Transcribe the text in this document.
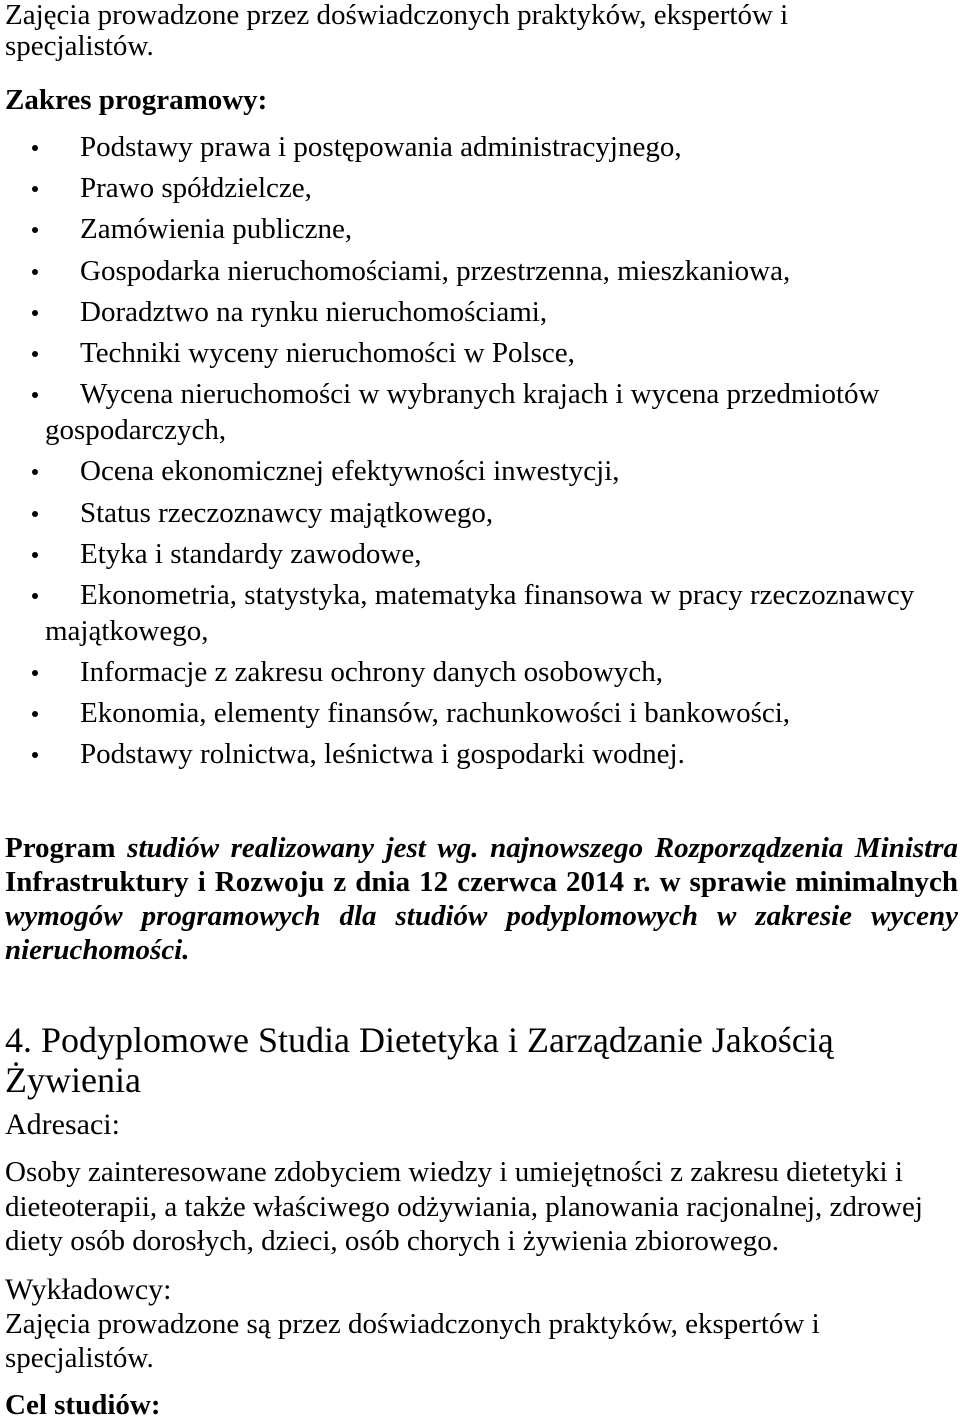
Zajęcia prowadzone przez doświadczonych praktyków, ekspertów i
specjalistów.
Zakres programowy:
Podstawy prawa i postępowania administracyjnego,
Prawo spółdzielcze,
Zamówienia publiczne,
Gospodarka nieruchomościami, przestrzenna, mieszkaniowa,
Doradztwo na rynku nieruchomościami,
Techniki wyceny nieruchomości w Polsce,
Wycena nieruchomości w wybranych krajach i wycena przedmiotów gospodarczych,
Ocena ekonomicznej efektywności inwestycji,
Status rzeczoznawcy majątkowego,
Etyka i standardy zawodowe,
Ekonometria, statystyka, matematyka finansowa w pracy rzeczoznawcy majątkowego,
Informacje z zakresu ochrony danych osobowych,
Ekonomia, elementy finansów, rachunkowości i bankowości,
Podstawy rolnictwa, leśnictwa i gospodarki wodnej.
Program studiów realizowany jest wg. najnowszego Rozporządzenia Ministra
Infrastruktury i Rozwoju z dnia 12 czerwca 2014 r. w sprawie minimalnych
wymogów programowych dla studiów podyplomowych w zakresie wyceny
nieruchomości.
4. Podyplomowe Studia Dietetyka i Zarządzanie Jakością
Żywienia
Adresaci:
Osoby zainteresowane zdobyciem wiedzy i umiejętności z zakresu dietetyki i
dieteoterapii, a także właściwego odżywiania, planowania racjonalnej, zdrowej
diety osób dorosłych, dzieci, osób chorych i żywienia zbiorowego.
Wykładowcy:
Zajęcia prowadzone są przez doświadczonych praktyków, ekspertów i
specjalistów.
Cel studiów:
